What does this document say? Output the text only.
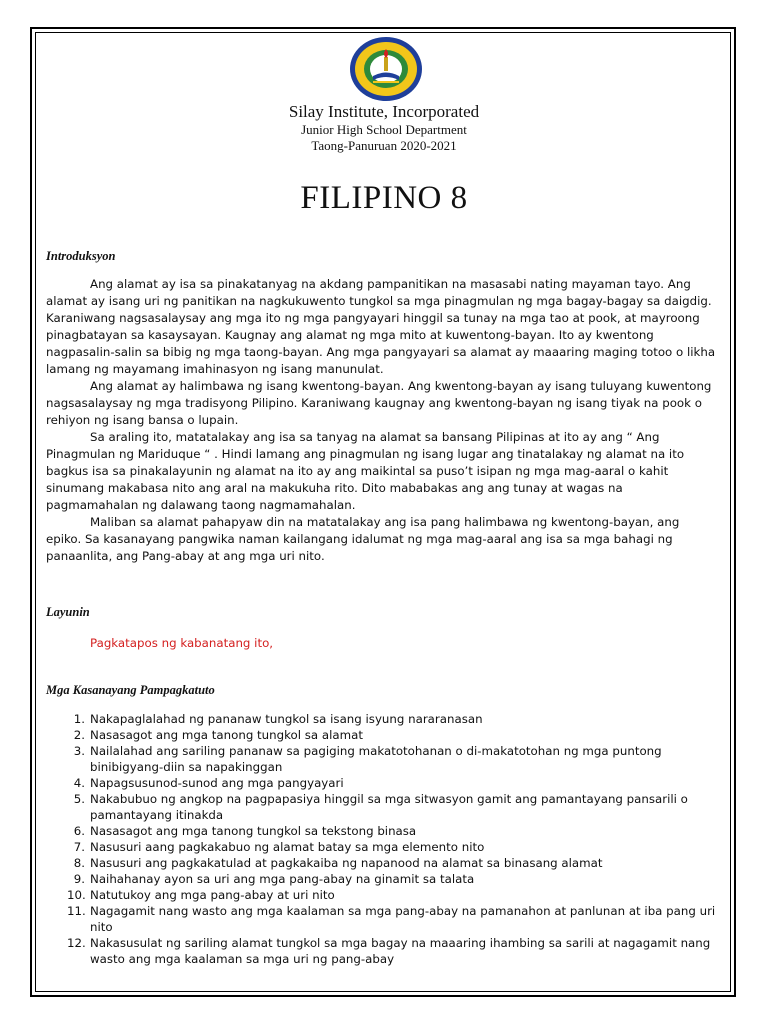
Silay Institute, Incorporated
Junior High School Department
Taong-Panuruan 2020-2021
FILIPINO 8
Introduksyon

Ang alamat ay isa sa pinakatanyag na akdang pampanitikan na masasabi nating mayaman tayo. Ang alamat ay isang uri ng panitikan na nagkukuwento tungkol sa mga pinagmulan ng mga bagay-bagay sa daigdig. Karaniwang nagsasalaysay ang mga ito ng mga pangyayari hinggil sa tunay na mga tao at pook, at mayroong pinagbatayan sa kasaysayan. Kaugnay ang alamat ng mga mito at kuwentong-bayan. Ito ay kwentong nagpasalin-salin sa bibig ng mga taong-bayan. Ang mga pangyayari sa alamat ay maaaring maging totoo o likha lamang ng mayamang imahinasyon ng isang manunulat.

Ang alamat ay halimbawa ng isang kwentong-bayan. Ang kwentong-bayan ay isang tuluyang kuwentong nagsasalaysay ng mga tradisyong Pilipino. Karaniwang kaugnay ang kwentong-bayan ng isang tiyak na pook o rehiyon ng isang bansa o lupain.

Sa araling ito, matatalakay ang isa sa tanyag na alamat sa bansang Pilipinas at ito ay ang “ Ang Pinagmulan ng Mariduque “ . Hindi lamang ang pinagmulan ng isang lugar ang tinatalakay ng alamat na ito bagkus isa sa pinakalayunin ng alamat na ito ay ang maikintal sa puso’t isipan ng mga mag-aaral o kahit sinumang makabasa nito ang aral na makukuha rito. Dito mababakas ang ang tunay at wagas na pagmamahalan ng dalawang taong nagmamahalan.

Maliban sa alamat pahapyaw din na matatalakay ang isa pang halimbawa ng kwentong-bayan, ang epiko. Sa kasanayang pangwika naman kailangang idalumat ng mga mag-aaral ang isa sa mga bahagi ng panaanlita, ang Pang-abay at ang mga uri nito.

Layunin
Pagkatapos ng kabanatang ito,
Mga Kasanayang Pampagkatuto
1. Nakapaglalahad ng pananaw tungkol sa isang isyung nararanasan
2. Nasasagot ang mga tanong tungkol sa alamat
3. Nailalahad ang sariling pananaw sa pagiging makatotohanan o di-makatotohan ng mga puntong binibigyang-diin sa napakinggan
4. Napagsusunod-sunod ang mga pangyayari
5. Nakabubuo ng angkop na pagpapasiya hinggil sa mga sitwasyon gamit ang pamantayang pansarili o pamantayang itinakda
6. Nasasagot ang mga tanong tungkol sa tekstong binasa
7. Nasusuri aang pagkakabuo ng alamat batay sa mga elemento nito
8. Nasusuri ang pagkakatulad at pagkakaiba ng napanood na alamat sa binasang alamat
9. Naihahanay ayon sa uri ang mga pang-abay na ginamit sa talata
10. Natutukoy ang mga pang-abay at uri nito
11. Nagagamit nang wasto ang mga kaalaman sa mga pang-abay na pamanahon at panlunan at iba pang uri nito
12. Nakasusulat ng sariling alamat tungkol sa mga bagay na maaaring ihambing sa sarili at nagagamit nang wasto ang mga kaalaman sa mga uri ng pang-abay
